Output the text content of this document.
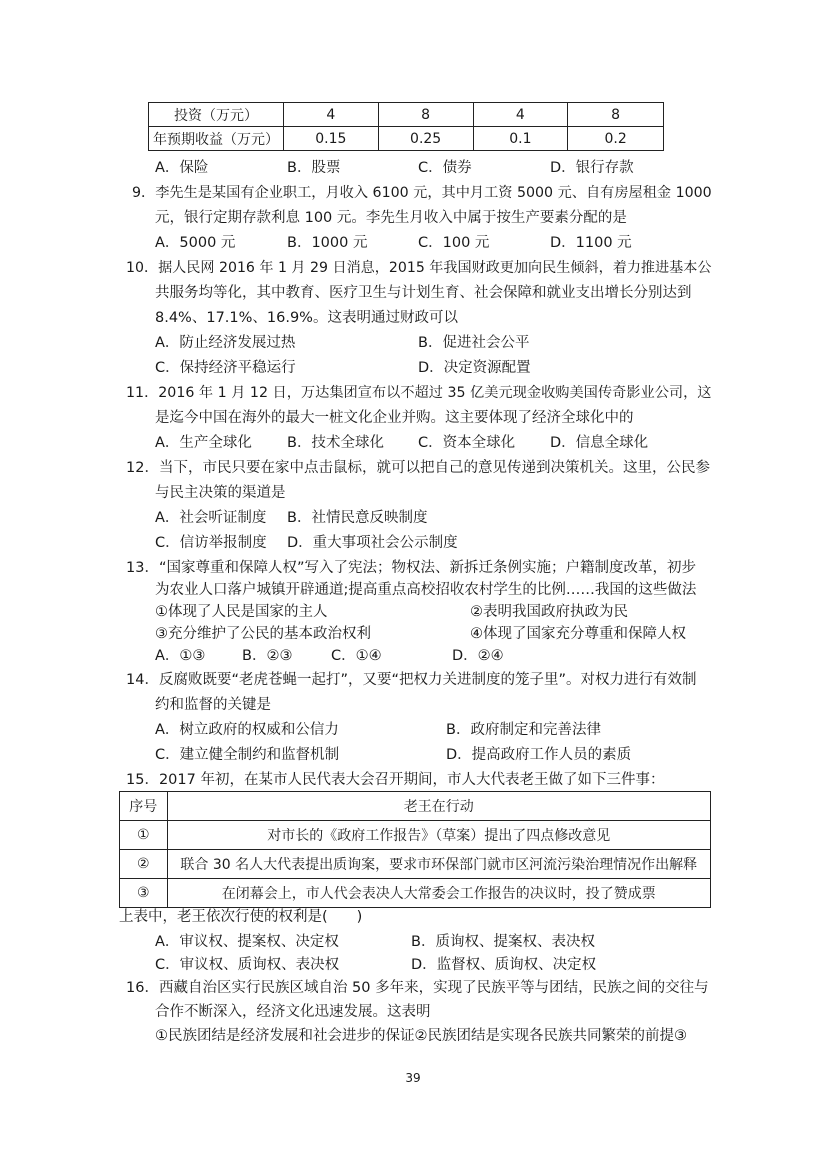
投资（万元）	4	8	4	8
年预期收益（万元）	0.15	0.25	0.1	0.2
A．保险	B．股票	C．债券	D．银行存款
9．李先生是某国有企业职工，月收入 6100 元，其中月工资 5000 元、自有房屋租金 1000
元，银行定期存款利息 100 元。李先生月收入中属于按生产要素分配的是
A．5000 元	B．1000 元	C．100 元	D．1100 元
10．据人民网 2016 年 1 月 29 日消息，2015 年我国财政更加向民生倾斜，着力推进基本公
共服务均等化，其中教育、医疗卫生与计划生育、社会保障和就业支出增长分别达到
8.4%、17.1%、16.9%。这表明通过财政可以
A．防止经济发展过热	B．促进社会公平
C．保持经济平稳运行	D．决定资源配置
11．2016 年 1 月 12 日，万达集团宣布以不超过 35 亿美元现金收购美国传奇影业公司，这
是迄今中国在海外的最大一桩文化企业并购。这主要体现了经济全球化中的
A．生产全球化 B．技术全球化 C．资本全球化 D．信息全球化
12．当下，市民只要在家中点击鼠标，就可以把自己的意见传递到决策机关。这里，公民参
与民主决策的渠道是
A．社会听证制度 B．社情民意反映制度
C．信访举报制度 D．重大事项社会公示制度
13．“国家尊重和保障人权”写入了宪法；物权法、新拆迁条例实施；户籍制度改革，初步
为农业人口落户城镇开辟通道;提高重点高校招收农村学生的比例……我国的这些做法
①体现了人民是国家的主人	②表明我国政府执政为民
③充分维护了公民的基本政治权利	④体现了国家充分尊重和保障人权
A．①③	B．②③	C．①④	D．②④
14．反腐败既要“老虎苍蝇一起打”，又要“把权力关进制度的笼子里”。对权力进行有效制
约和监督的关键是
A．树立政府的权威和公信力	B．政府制定和完善法律
C．建立健全制约和监督机制	D．提高政府工作人员的素质
15．2017 年初，在某市人民代表大会召开期间，市人大代表老王做了如下三件事：
序号	老王在行动
①	对市长的《政府工作报告》（草案）提出了四点修改意见
②	联合 30 名人大代表提出质询案，要求市环保部门就市区河流污染治理情况作出解释
③	在闭幕会上，市人代会表决人大常委会工作报告的决议时，投了赞成票
上表中，老王依次行使的权利是(　　)
A．审议权、提案权、决定权	B．质询权、提案权、表决权
C．审议权、质询权、表决权	D．监督权、质询权、决定权
16．西藏自治区实行民族区域自治 50 多年来，实现了民族平等与团结，民族之间的交往与
合作不断深入，经济文化迅速发展。这表明
①民族团结是经济发展和社会进步的保证②民族团结是实现各民族共同繁荣的前提③
39
